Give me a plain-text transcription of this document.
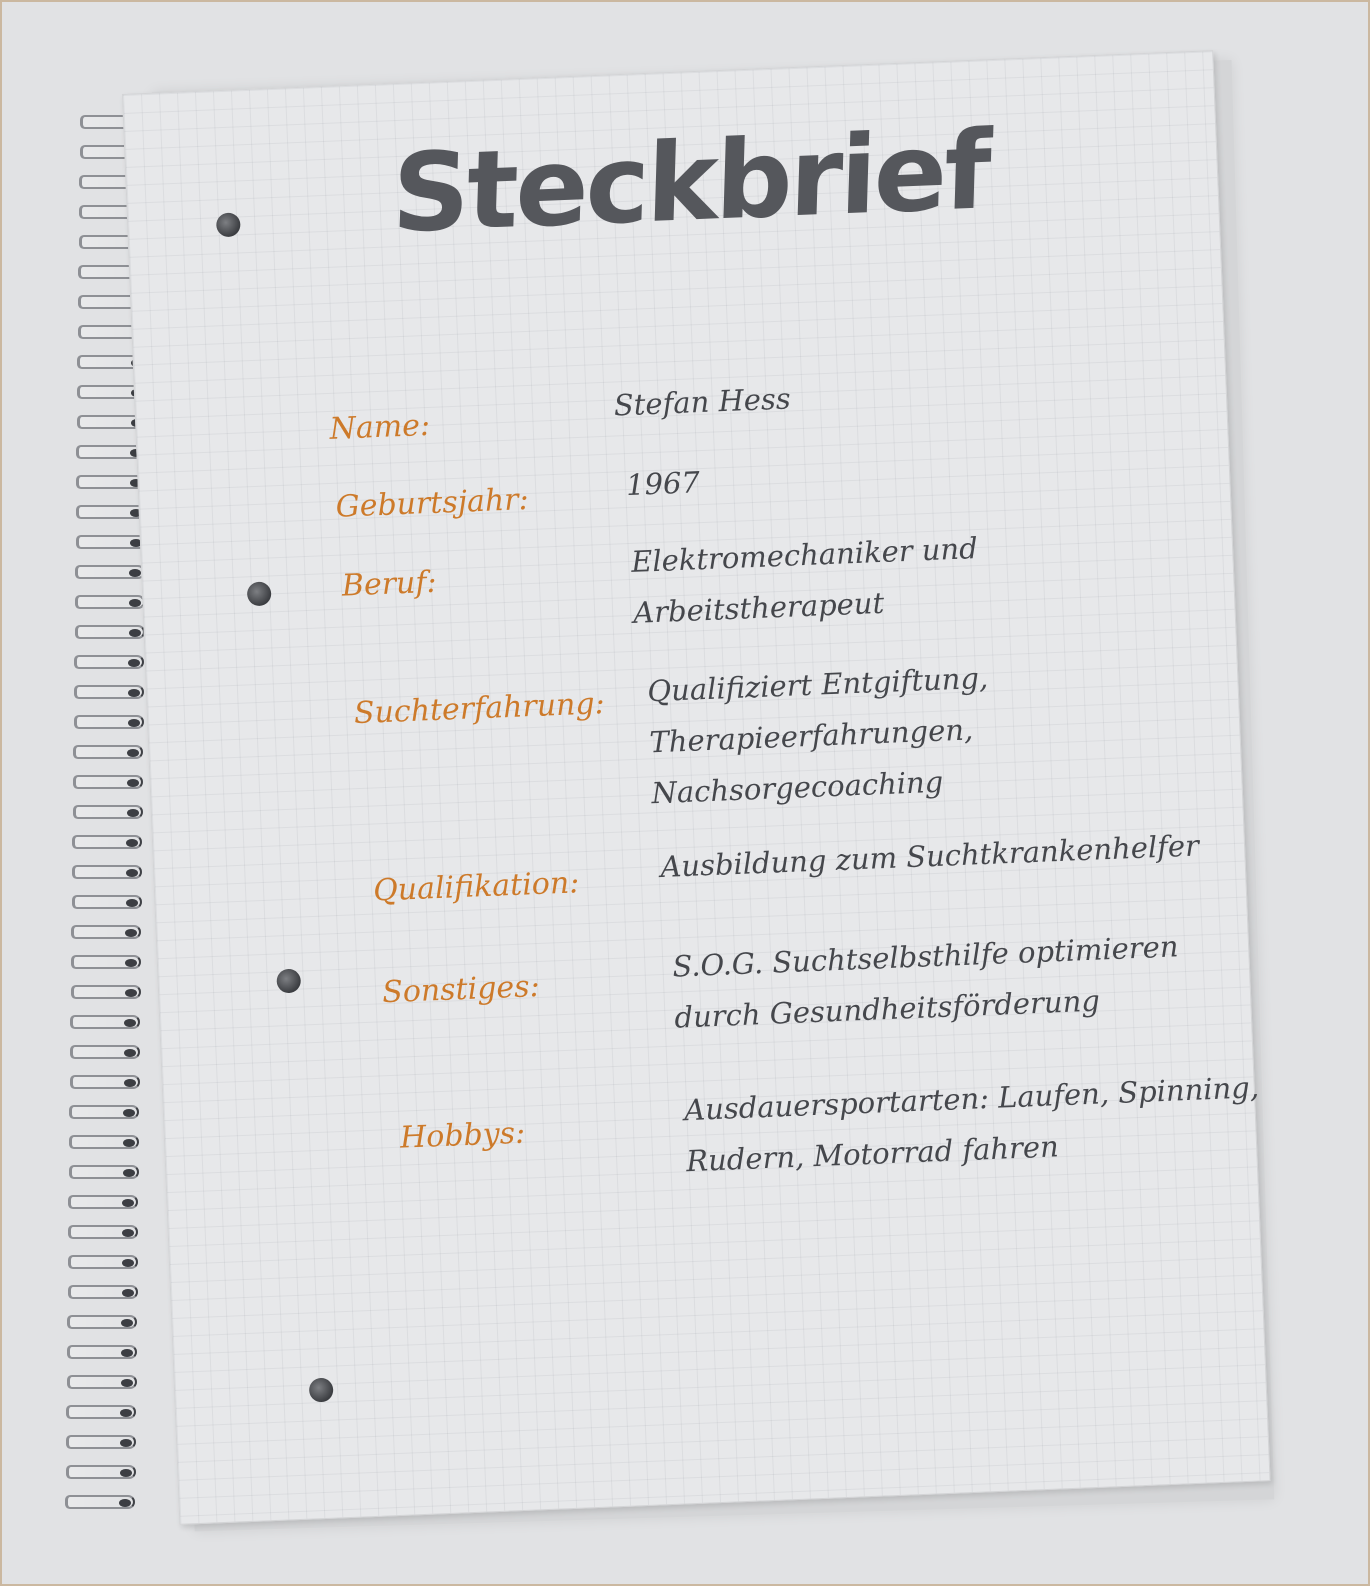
Steckbrief
Name:
Stefan Hess
Geburtsjahr:	1967
Beruf:
Elektromechaniker und
Arbeitstherapeut
Suchterfahrung:
Qualifiziert Entgiftung,
Therapieerfahrungen,
Nachsorgecoaching
Qualifikation:
Ausbildung zum Suchtkrankenhelfer
Sonstiges:
S.O.G. Suchtselbsthilfe optimieren
durch Gesundheitsförderung
Hobbys:
Ausdauersportarten: Laufen, Spinning,
Rudern, Motorrad fahren
